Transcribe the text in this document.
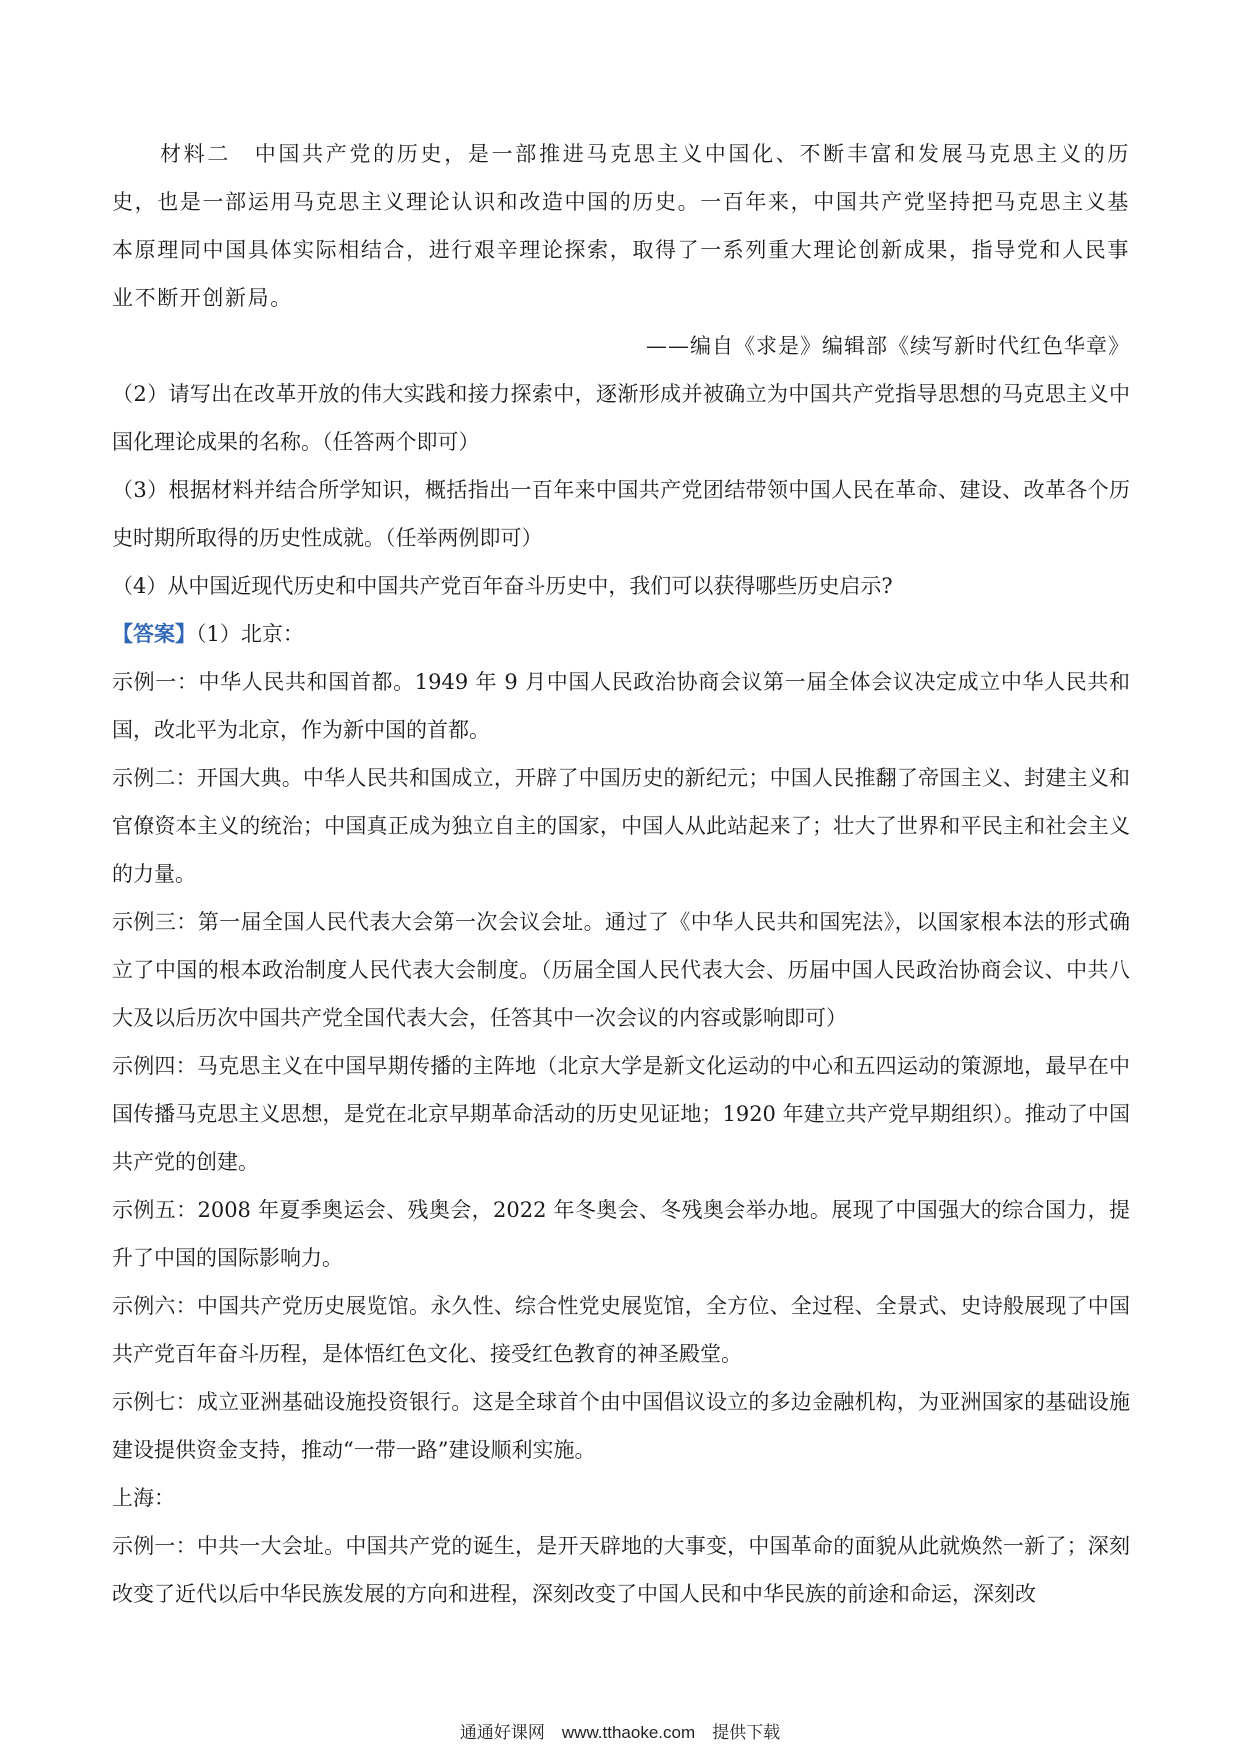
材料二　中国共产党的历史，是一部推进马克思主义中国化、不断丰富和发展马克思主义的历史，也是一部运用马克思主义理论认识和改造中国的历史。一百年来，中国共产党坚持把马克思主义基本原理同中国具体实际相结合，进行艰辛理论探索，取得了一系列重大理论创新成果，指导党和人民事业不断开创新局。

——编自《求是》编辑部《续写新时代红色华章》

（2）请写出在改革开放的伟大实践和接力探索中，逐渐形成并被确立为中国共产党指导思想的马克思主义中国化理论成果的名称。（任答两个即可）

（3）根据材料并结合所学知识，概括指出一百年来中国共产党团结带领中国人民在革命、建设、改革各个历史时期所取得的历史性成就。（任举两例即可）

（4）从中国近现代历史和中国共产党百年奋斗历史中，我们可以获得哪些历史启示?

【答案】（1）北京：

示例一：中华人民共和国首都。1949 年 9 月中国人民政治协商会议第一届全体会议决定成立中华人民共和国，改北平为北京，作为新中国的首都。

示例二：开国大典。中华人民共和国成立，开辟了中国历史的新纪元；中国人民推翻了帝国主义、封建主义和官僚资本主义的统治；中国真正成为独立自主的国家，中国人从此站起来了；壮大了世界和平民主和社会主义的力量。

示例三：第一届全国人民代表大会第一次会议会址。通过了《中华人民共和国宪法》，以国家根本法的形式确立了中国的根本政治制度人民代表大会制度。（历届全国人民代表大会、历届中国人民政治协商会议、中共八大及以后历次中国共产党全国代表大会，任答其中一次会议的内容或影响即可）

示例四：马克思主义在中国早期传播的主阵地（北京大学是新文化运动的中心和五四运动的策源地，最早在中国传播马克思主义思想，是党在北京早期革命活动的历史见证地；1920 年建立共产党早期组织）。推动了中国共产党的创建。

示例五：2008 年夏季奥运会、残奥会，2022 年冬奥会、冬残奥会举办地。展现了中国强大的综合国力，提升了中国的国际影响力。

示例六：中国共产党历史展览馆。永久性、综合性党史展览馆，全方位、全过程、全景式、史诗般展现了中国共产党百年奋斗历程，是体悟红色文化、接受红色教育的神圣殿堂。

示例七：成立亚洲基础设施投资银行。这是全球首个由中国倡议设立的多边金融机构，为亚洲国家的基础设施建设提供资金支持，推动“一带一路”建设顺利实施。

上海：

示例一：中共一大会址。中国共产党的诞生，是开天辟地的大事变，中国革命的面貌从此就焕然一新了；深刻改变了近代以后中华民族发展的方向和进程，深刻改变了中国人民和中华民族的前途和命运，深刻改

通通好课网　www.tthaoke.com　提供下载
